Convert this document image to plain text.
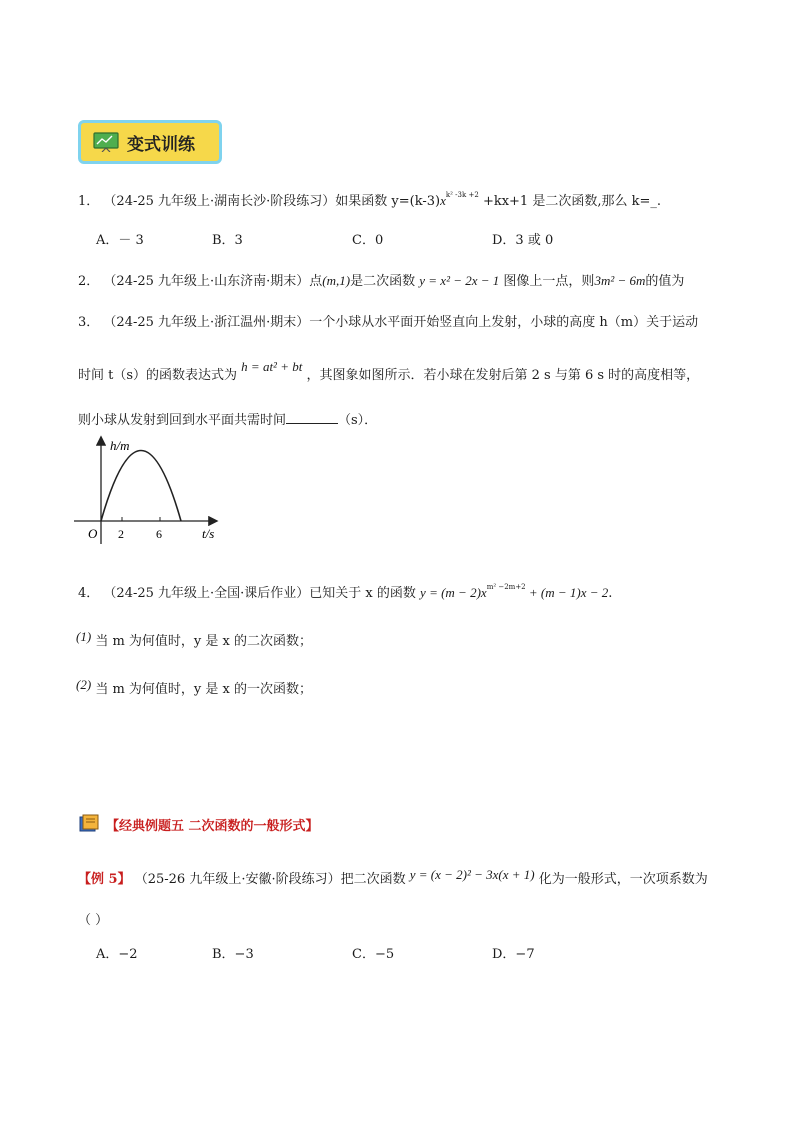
变式训练
1． （24-25 九年级上·湖南长沙·阶段练习）如果函数 $y=(k-3)x^{k^2 -3k +2} +kx+1$ 是二次函数,那么 k=_.
A．－ 3	B．3	C．0	D．3 或 0
2． （24-25 九年级上·山东济南·期末）点(m,1)是二次函数 y = x² − 2x − 1 图像上一点，则3m² − 6m的值为
3． （24-25 九年级上·浙江温州·期末）一个小球从水平面开始竖直向上发射，小球的高度 h（m）关于运动
时间 t（s）的函数表达式为 h = at² + bt ，其图象如图所示．若小球在发射后第 2 s 与第 6 s 时的高度相等，
则小球从发射到回到水平面共需时间	（s）．
h/m
t/s
O 2	6
4． （24-25 九年级上·全国·课后作业）已知关于 x 的函数 $y = (m - 2)x^{m^2 -2m+2} + (m - 1)x - 2$.
(1) 当 m 为何值时，y 是 x 的二次函数；
(2) 当 m 为何值时，y 是 x 的一次函数；
【经典例题五 二次函数的一般形式】
【例 5】 （25-26 九年级上·安徽·阶段练习）把二次函数 y = (x − 2)² − 3x(x + 1) 化为一般形式，一次项系数为
（ ）
A．−2	B．−3	C．−5	D．−7
